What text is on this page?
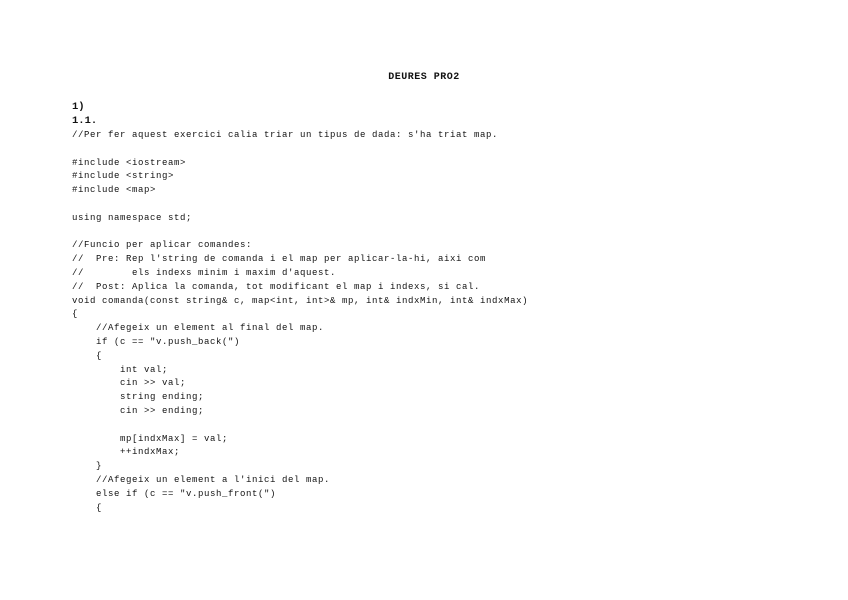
DEURES PRO2
1)
1.1.
//Per fer aquest exercici calia triar un tipus de dada: s'ha triat map.
#include <iostream>
#include <string>
#include <map>
using namespace std;
//Funcio per aplicar comandes:
//  Pre: Rep l'string de comanda i el map per aplicar-la-hi, aixi com
//        els indexs minim i maxim d'aquest.
//  Post: Aplica la comanda, tot modificant el map i indexs, si cal.
void comanda(const string& c, map<int, int>& mp, int& indxMin, int& indxMax)
{
//Afegeix un element al final del map.
if (c == "v.push_back(")
{
int val;
cin >> val;
string ending;
cin >> ending;
mp[indxMax] = val;
++indxMax;
}
//Afegeix un element a l'inici del map.
else if (c == "v.push_front(")
{
